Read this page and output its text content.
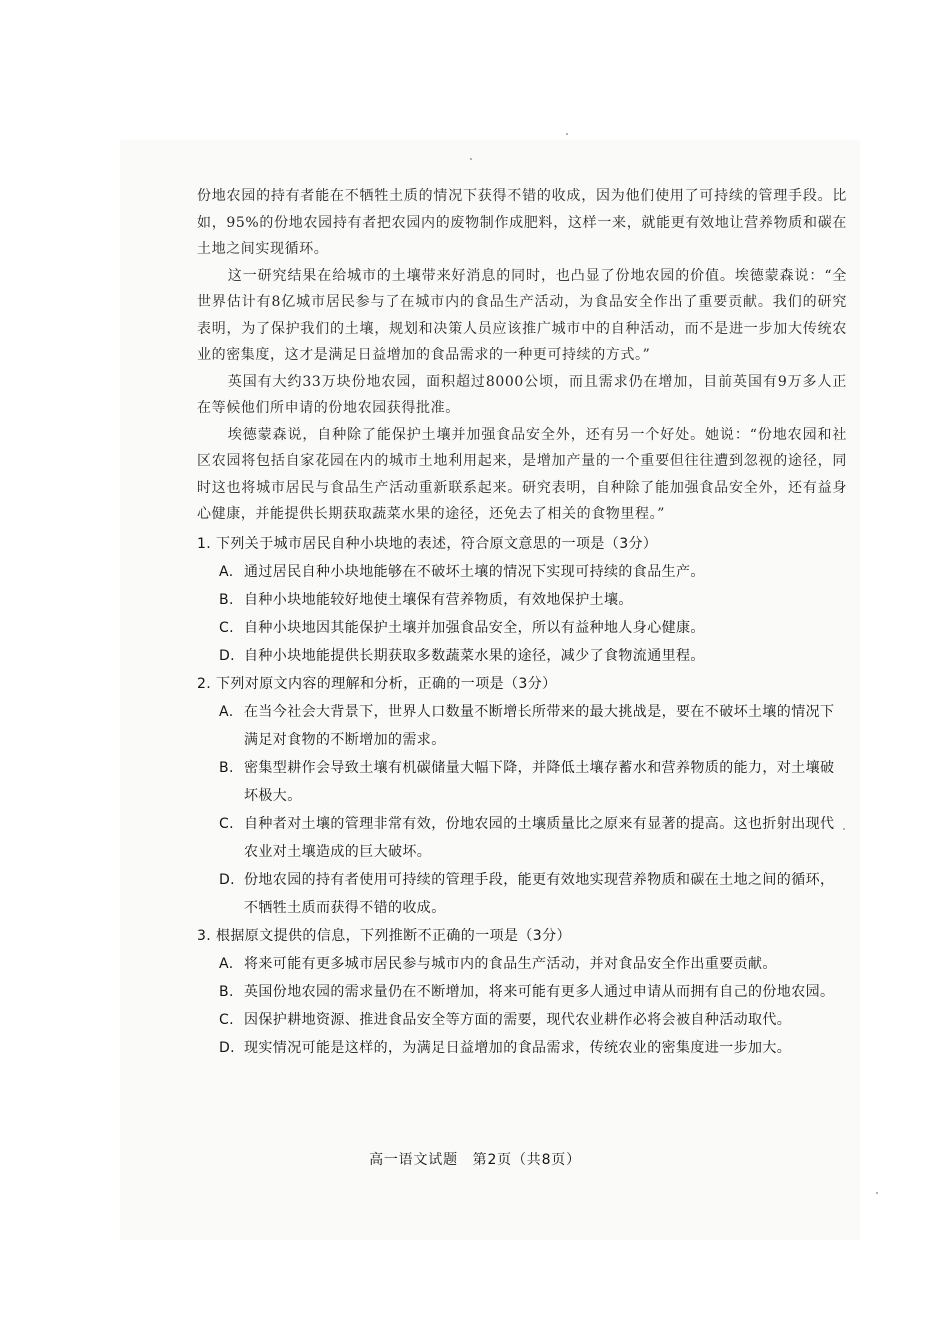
份地农园的持有者能在不牺牲土质的情况下获得不错的收成，因为他们使用了可持续的管理手段。比如，95%的份地农园持有者把农园内的废物制作成肥料，这样一来，就能更有效地让营养物质和碳在土地之间实现循环。

这一研究结果在给城市的土壤带来好消息的同时，也凸显了份地农园的价值。埃德蒙森说：“全世界估计有8亿城市居民参与了在城市内的食品生产活动，为食品安全作出了重要贡献。我们的研究表明，为了保护我们的土壤，规划和决策人员应该推广城市中的自种活动，而不是进一步加大传统农业的密集度，这才是满足日益增加的食品需求的一种更可持续的方式。”

英国有大约33万块份地农园，面积超过8000公顷，而且需求仍在增加，目前英国有9万多人正在等候他们所申请的份地农园获得批准。

埃德蒙森说，自种除了能保护土壤并加强食品安全外，还有另一个好处。她说：“份地农园和社区农园将包括自家花园在内的城市土地利用起来，是增加产量的一个重要但往往遭到忽视的途径，同时这也将城市居民与食品生产活动重新联系起来。研究表明，自种除了能加强食品安全外，还有益身心健康，并能提供长期获取蔬菜水果的途径，还免去了相关的食物里程。”

1. 下列关于城市居民自种小块地的表述，符合原文意思的一项是（3分）

A. 通过居民自种小块地能够在不破坏土壤的情况下实现可持续的食品生产。
B. 自种小块地能较好地使土壤保有营养物质，有效地保护土壤。
C. 自种小块地因其能保护土壤并加强食品安全，所以有益种地人身心健康。
D. 自种小块地能提供长期获取多数蔬菜水果的途径，减少了食物流通里程。

2. 下列对原文内容的理解和分析，正确的一项是（3分）

A. 在当今社会大背景下，世界人口数量不断增长所带来的最大挑战是，要在不破坏土壤的情况下满足对食物的不断增加的需求。
B. 密集型耕作会导致土壤有机碳储量大幅下降，并降低土壤存蓄水和营养物质的能力，对土壤破坏极大。
C. 自种者对土壤的管理非常有效，份地农园的土壤质量比之原来有显著的提高。这也折射出现代农业对土壤造成的巨大破坏。
D. 份地农园的持有者使用可持续的管理手段，能更有效地实现营养物质和碳在土地之间的循环，不牺牲土质而获得不错的收成。

3. 根据原文提供的信息，下列推断不正确的一项是（3分）

A. 将来可能有更多城市居民参与城市内的食品生产活动，并对食品安全作出重要贡献。
B. 英国份地农园的需求量仍在不断增加，将来可能有更多人通过申请从而拥有自己的份地农园。
C. 因保护耕地资源、推进食品安全等方面的需要，现代农业耕作必将会被自种活动取代。
D. 现实情况可能是这样的，为满足日益增加的食品需求，传统农业的密集度进一步加大。
高一语文试题　第2页（共8页）
